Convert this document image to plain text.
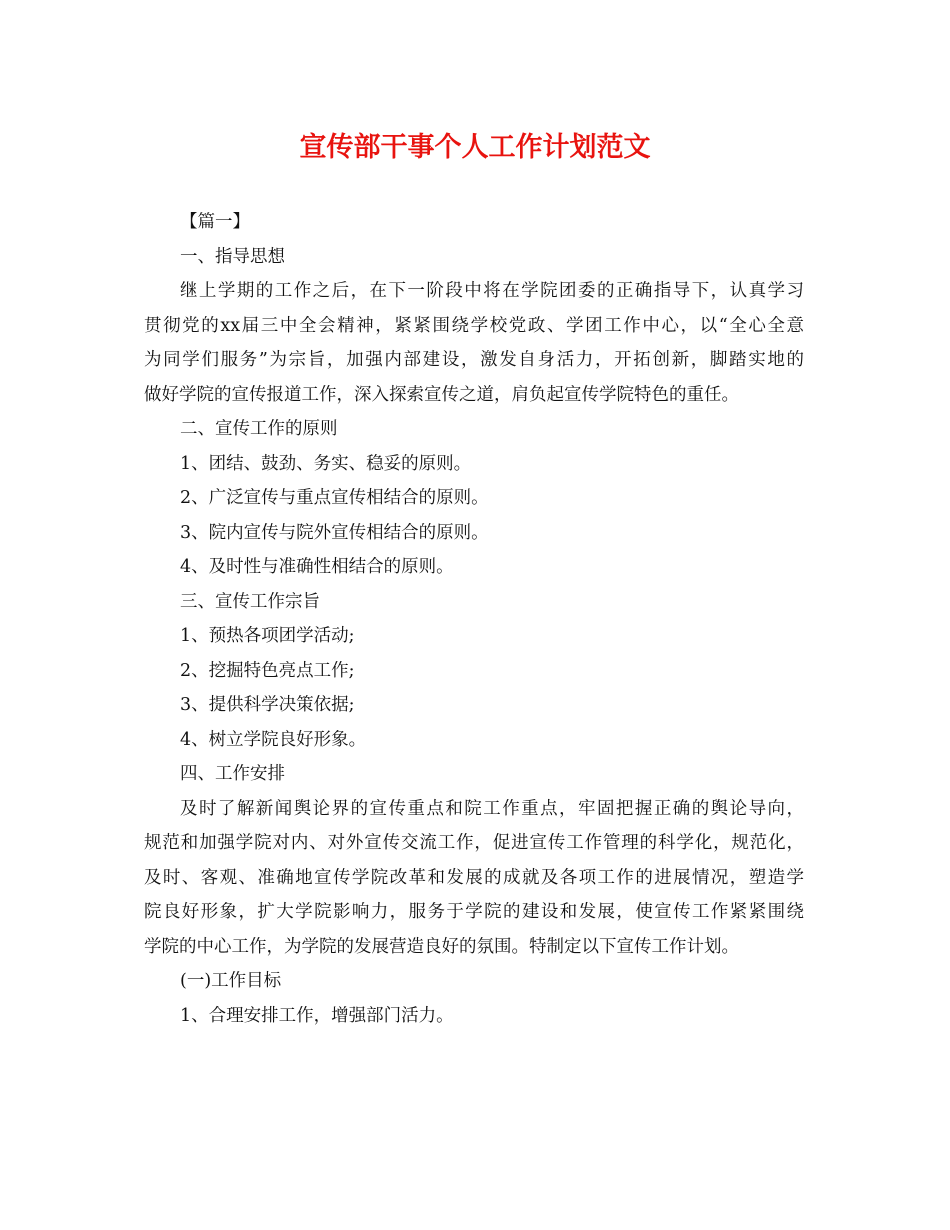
宣传部干事个人工作计划范文

【篇一】

一、指导思想

继上学期的工作之后，在下一阶段中将在学院团委的正确指导下，认真学习

贯彻党的xx届三中全会精神，紧紧围绕学校党政、学团工作中心，以“全心全意

为同学们服务”为宗旨，加强内部建设，激发自身活力，开拓创新，脚踏实地的

做好学院的宣传报道工作，深入探索宣传之道，肩负起宣传学院特色的重任。

二、宣传工作的原则

1、团结、鼓劲、务实、稳妥的原则。

2、广泛宣传与重点宣传相结合的原则。

3、院内宣传与院外宣传相结合的原则。

4、及时性与准确性相结合的原则。

三、宣传工作宗旨

1、预热各项团学活动;

2、挖掘特色亮点工作;

3、提供科学决策依据;

4、树立学院良好形象。

四、工作安排

及时了解新闻舆论界的宣传重点和院工作重点，牢固把握正确的舆论导向，

规范和加强学院对内、对外宣传交流工作，促进宣传工作管理的科学化，规范化，

及时、客观、准确地宣传学院改革和发展的成就及各项工作的进展情况，塑造学

院良好形象，扩大学院影响力，服务于学院的建设和发展，使宣传工作紧紧围绕

学院的中心工作，为学院的发展营造良好的氛围。特制定以下宣传工作计划。

(一)工作目标

1、合理安排工作，增强部门活力。
